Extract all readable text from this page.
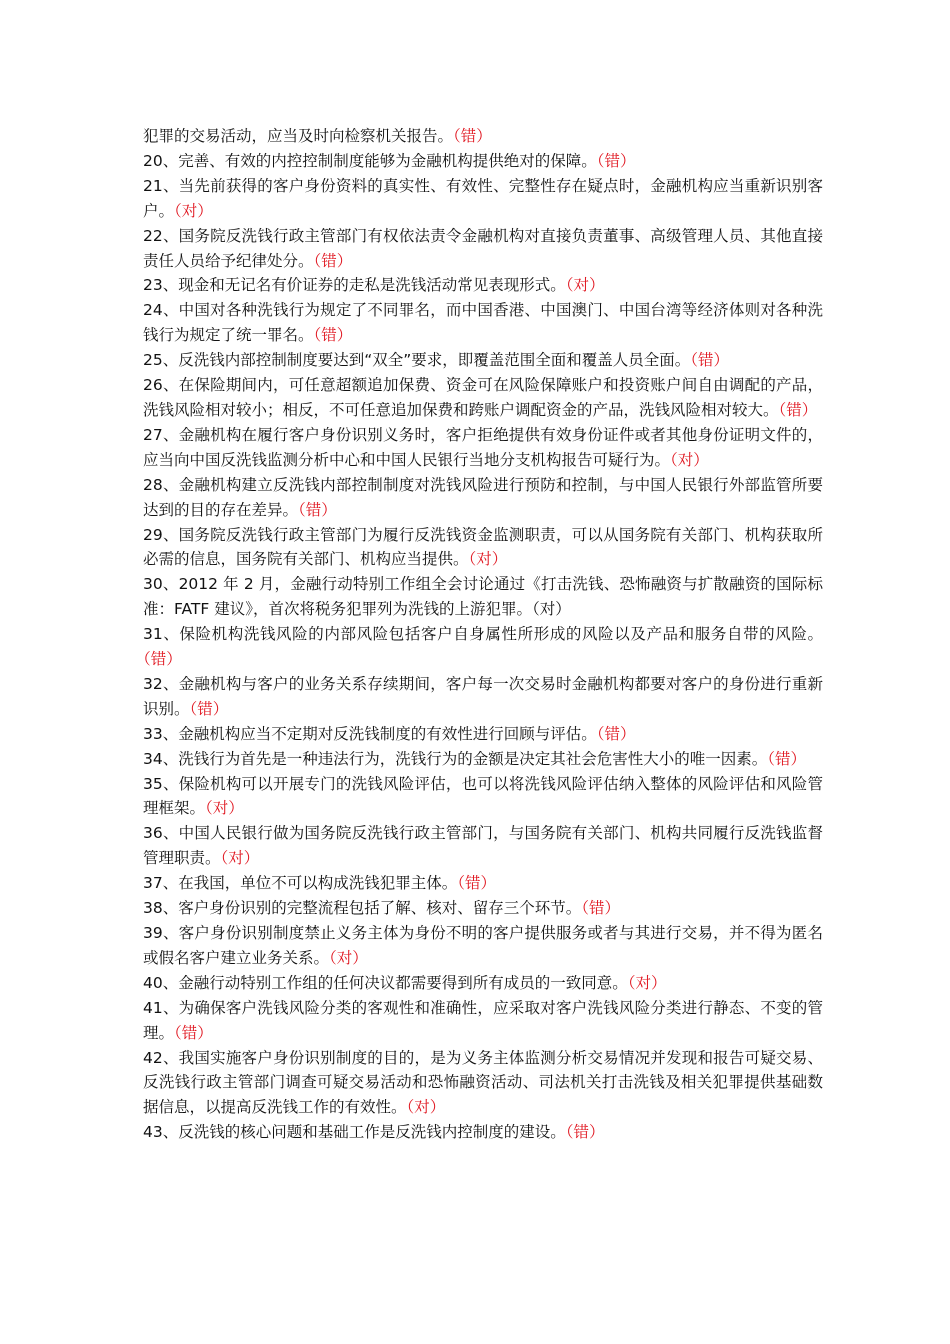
犯罪的交易活动，应当及时向检察机关报告。（错）

20、完善、有效的内控控制制度能够为金融机构提供绝对的保障。（错）

21、当先前获得的客户身份资料的真实性、有效性、完整性存在疑点时，金融机构应当重新识别客户。（对）

22、国务院反洗钱行政主管部门有权依法责令金融机构对直接负责董事、高级管理人员、其他直接责任人员给予纪律处分。（错）

23、现金和无记名有价证券的走私是洗钱活动常见表现形式。（对）

24、中国对各种洗钱行为规定了不同罪名，而中国香港、中国澳门、中国台湾等经济体则对各种洗钱行为规定了统一罪名。（错）

25、反洗钱内部控制制度要达到“双全”要求，即覆盖范围全面和覆盖人员全面。（错）

26、在保险期间内，可任意超额追加保费、资金可在风险保障账户和投资账户间自由调配的产品，洗钱风险相对较小；相反，不可任意追加保费和跨账户调配资金的产品，洗钱风险相对较大。（错）

27、金融机构在履行客户身份识别义务时，客户拒绝提供有效身份证件或者其他身份证明文件的，应当向中国反洗钱监测分析中心和中国人民银行当地分支机构报告可疑行为。（对）

28、金融机构建立反洗钱内部控制制度对洗钱风险进行预防和控制，与中国人民银行外部监管所要达到的目的存在差异。（错）

29、国务院反洗钱行政主管部门为履行反洗钱资金监测职责，可以从国务院有关部门、机构获取所必需的信息，国务院有关部门、机构应当提供。（对）

30、2012 年 2 月，金融行动特别工作组全会讨论通过《打击洗钱、恐怖融资与扩散融资的国际标准：FATF 建议》，首次将税务犯罪列为洗钱的上游犯罪。（对）

31、保险机构洗钱风险的内部风险包括客户自身属性所形成的风险以及产品和服务自带的风险。（错）

32、金融机构与客户的业务关系存续期间，客户每一次交易时金融机构都要对客户的身份进行重新识别。（错）

33、金融机构应当不定期对反洗钱制度的有效性进行回顾与评估。（错）

34、洗钱行为首先是一种违法行为，洗钱行为的金额是决定其社会危害性大小的唯一因素。（错）

35、保险机构可以开展专门的洗钱风险评估，也可以将洗钱风险评估纳入整体的风险评估和风险管理框架。（对）

36、中国人民银行做为国务院反洗钱行政主管部门，与国务院有关部门、机构共同履行反洗钱监督管理职责。（对）

37、在我国，单位不可以构成洗钱犯罪主体。（错）

38、客户身份识别的完整流程包括了解、核对、留存三个环节。（错）

39、客户身份识别制度禁止义务主体为身份不明的客户提供服务或者与其进行交易，并不得为匿名或假名客户建立业务关系。（对）

40、金融行动特别工作组的任何决议都需要得到所有成员的一致同意。（对）

41、为确保客户洗钱风险分类的客观性和准确性，应采取对客户洗钱风险分类进行静态、不变的管理。（错）

42、我国实施客户身份识别制度的目的，是为义务主体监测分析交易情况并发现和报告可疑交易、反洗钱行政主管部门调查可疑交易活动和恐怖融资活动、司法机关打击洗钱及相关犯罪提供基础数据信息，以提高反洗钱工作的有效性。（对）

43、反洗钱的核心问题和基础工作是反洗钱内控制度的建设。（错）
